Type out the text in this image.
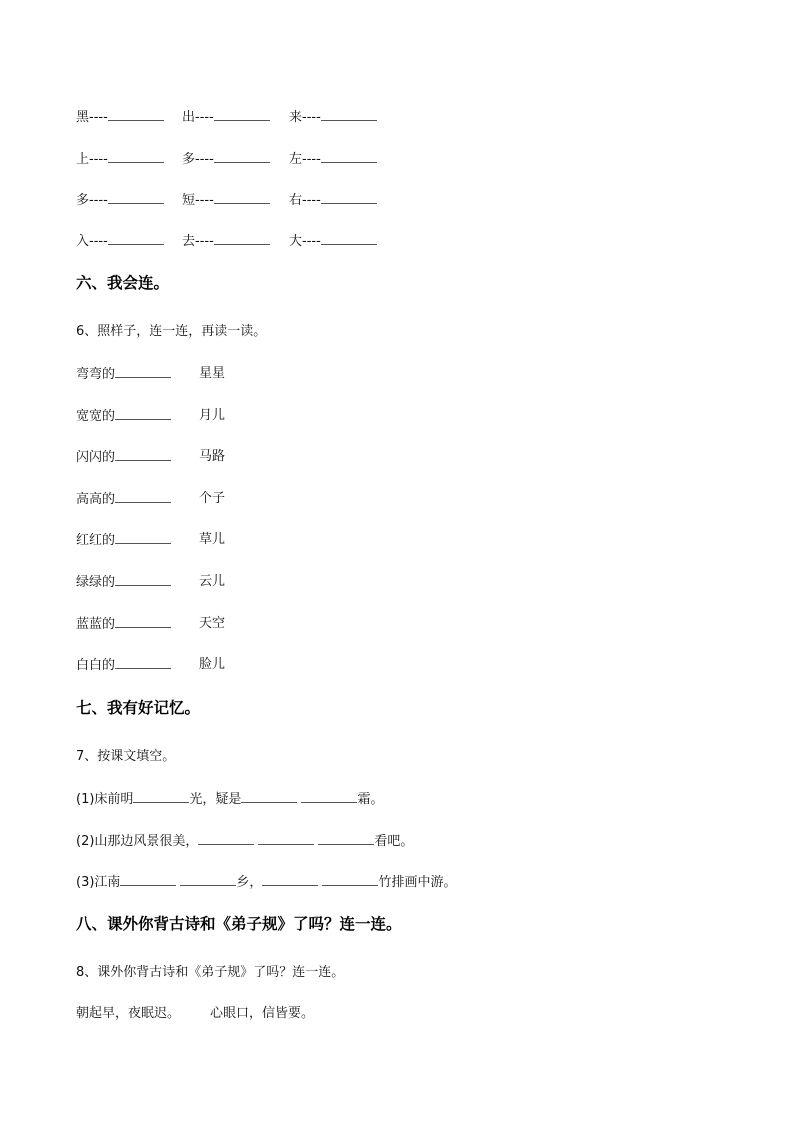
黑----	出----	来----
上----	多----	左----
多----	短----	右----
入----	去----	大----
六、我会连。
6、照样子，连一连，再读一读。
弯弯的	星星
宽宽的	月儿
闪闪的	马路
高高的	个子
红红的	草儿
绿绿的	云儿
蓝蓝的	天空
白白的	脸儿
七、我有好记忆。
7、按课文填空。
(1)床前明	光，疑是	霜。
(2)山那边风景很美，	看吧。
(3)江南	乡，	竹排画中游。
八、课外你背古诗和《弟子规》了吗？连一连。
8、课外你背古诗和《弟子规》了吗？连一连。
朝起早，夜眠迟。 心眼口，信皆要。
